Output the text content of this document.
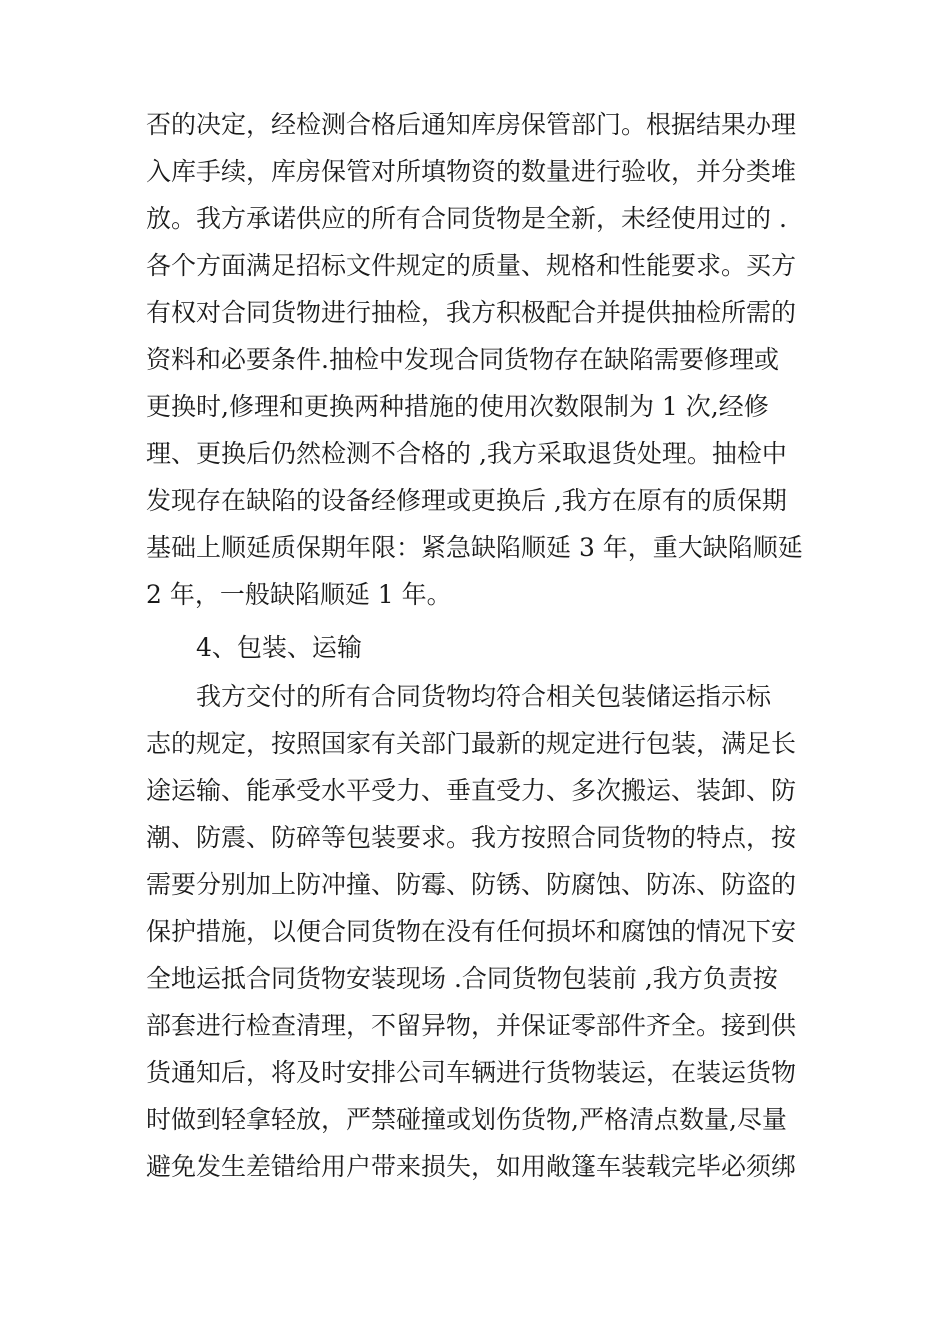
否的决定，经检测合格后通知库房保管部门。根据结果办理
入库手续，库房保管对所填物资的数量进行验收，并分类堆
放。我方承诺供应的所有合同货物是全新，未经使用过的 .
各个方面满足招标文件规定的质量、规格和性能要求。买方
有权对合同货物进行抽检，我方积极配合并提供抽检所需的
资料和必要条件.抽检中发现合同货物存在缺陷需要修理或
更换时,修理和更换两种措施的使用次数限制为 1 次,经修
理、更换后仍然检测不合格的 ,我方采取退货处理。抽检中
发现存在缺陷的设备经修理或更换后 ,我方在原有的质保期
基础上顺延质保期年限：紧急缺陷顺延 3 年，重大缺陷顺延
2 年，一般缺陷顺延 1 年。
4、包装、运输
我方交付的所有合同货物均符合相关包装储运指示标
志的规定，按照国家有关部门最新的规定进行包装，满足长
途运输、能承受水平受力、垂直受力、多次搬运、装卸、防
潮、防震、防碎等包装要求。我方按照合同货物的特点，按
需要分别加上防冲撞、防霉、防锈、防腐蚀、防冻、防盗的
保护措施，以便合同货物在没有任何损坏和腐蚀的情况下安
全地运抵合同货物安装现场 .合同货物包装前 ,我方负责按
部套进行检查清理，不留异物，并保证零部件齐全。接到供
货通知后，将及时安排公司车辆进行货物装运，在装运货物
时做到轻拿轻放，严禁碰撞或划伤货物,严格清点数量,尽量
避免发生差错给用户带来损失，如用敞篷车装载完毕必须绑
